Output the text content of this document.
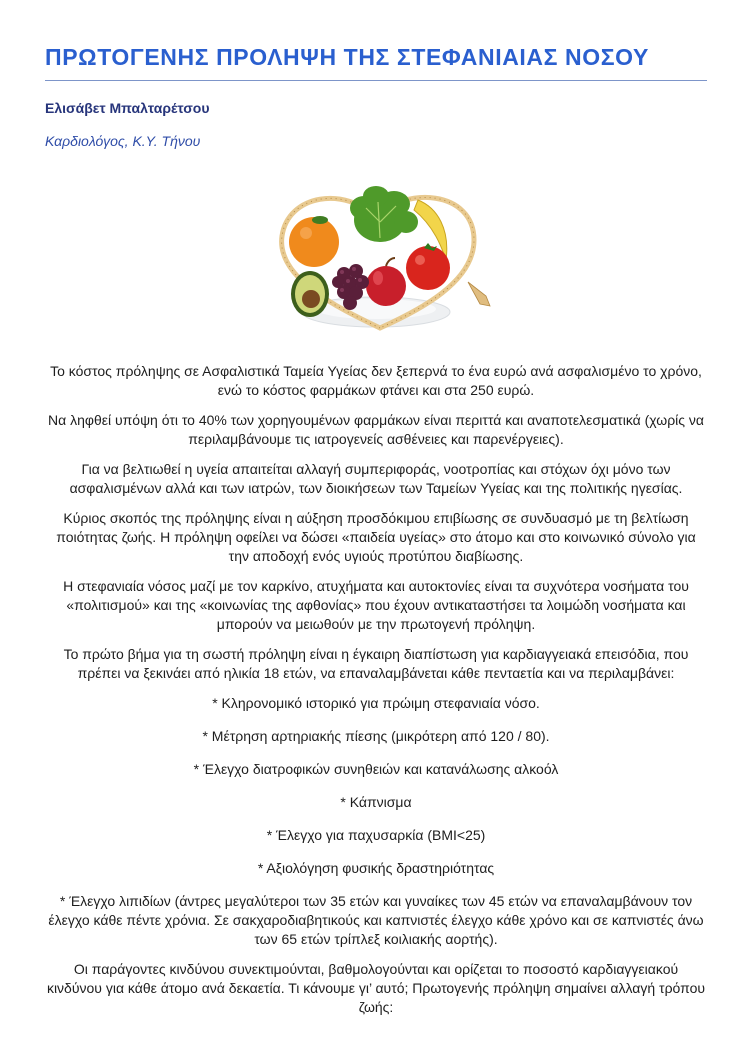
ΠΡΩΤΟΓΕΝΗΣ ΠΡΟΛΗΨΗ ΤΗΣ ΣΤΕΦΑΝΙΑΙΑΣ ΝΟΣΟΥ
Ελισάβετ Μπαλταρέτσου
Καρδιολόγος, Κ.Υ. Τήνου

Το κόστος πρόληψης σε Ασφαλιστικά Ταμεία Υγείας δεν ξεπερνά το ένα ευρώ ανά ασφαλισμένο το χρόνο, ενώ το κόστος φαρμάκων φτάνει και στα 250 ευρώ.

Να ληφθεί υπόψη ότι το 40% των χορηγουμένων φαρμάκων είναι περιττά και αναποτελεσματικά (χωρίς να περιλαμβάνουμε τις ιατρογενείς ασθένειες και παρενέργειες).

Για να βελτιωθεί η υγεία απαιτείται αλλαγή συμπεριφοράς, νοοτροπίας και στόχων όχι μόνο των ασφαλισμένων αλλά και των ιατρών, των διοικήσεων των Ταμείων Υγείας και της πολιτικής ηγεσίας.

Κύριος σκοπός της πρόληψης είναι η αύξηση προσδόκιμου επιβίωσης σε συνδυασμό με τη βελτίωση ποιότητας ζωής. Η πρόληψη οφείλει να δώσει «παιδεία υγείας» στο άτομο και στο κοινωνικό σύνολο για την αποδοχή ενός υγιούς προτύπου διαβίωσης.

Η στεφανιαία νόσος μαζί με τον καρκίνο, ατυχήματα και αυτοκτονίες είναι τα συχνότερα νοσήματα του «πολιτισμού» και της «κοινωνίας της αφθονίας» που έχουν αντικαταστήσει τα λοιμώδη νοσήματα και μπορούν να μειωθούν με την πρωτογενή πρόληψη.

Το πρώτο βήμα για τη σωστή πρόληψη είναι η έγκαιρη διαπίστωση για καρδιαγγειακά επεισόδια, που πρέπει να ξεκινάει από ηλικία 18 ετών, να επαναλαμβάνεται κάθε πενταετία και να περιλαμβάνει:

* Κληρονομικό ιστορικό για πρώιμη στεφανιαία νόσο.

* Μέτρηση αρτηριακής πίεσης (μικρότερη από 120 / 80).

* Έλεγχο διατροφικών συνηθειών και κατανάλωσης αλκοόλ

* Κάπνισμα

* Έλεγχο για παχυσαρκία (ΒΜΙ<25)

* Αξιολόγηση φυσικής δραστηριότητας

* Έλεγχο λιπιδίων (άντρες μεγαλύτεροι των 35 ετών και γυναίκες των 45 ετών να επαναλαμβάνουν τον έλεγχο κάθε πέντε χρόνια. Σε σακχαροδιαβητικούς και καπνιστές έλεγχο κάθε χρόνο και σε καπνιστές άνω των 65 ετών τρίπλεξ κοιλιακής αορτής).

Οι παράγοντες κινδύνου συνεκτιμούνται, βαθμολογούνται και ορίζεται το ποσοστό καρδιαγγειακού κινδύνου για κάθε άτομο ανά δεκαετία. Τι κάνουμε γι’ αυτό; Πρωτογενής πρόληψη σημαίνει αλλαγή τρόπου ζωής:
